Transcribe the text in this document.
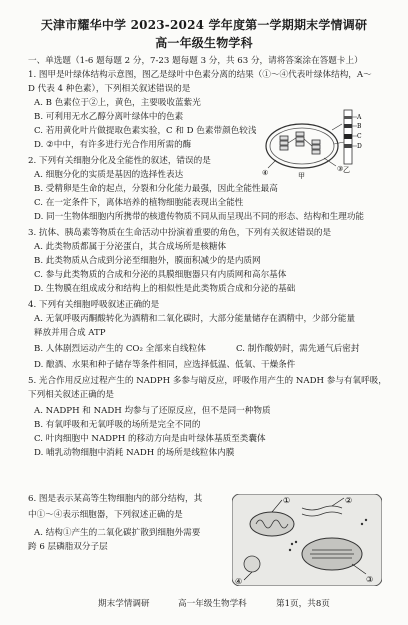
天津市耀华中学 2023-2024 学年度第一学期期末学情调研
高一年级生物学科
一、单选题（1-6 题每题 2 分，7-23 题每题 3 分，共 63 分，请将答案涂在答题卡上）
1. 图甲是叶绿体结构示意图，图乙是绿叶中色素分离的结果（①～④代表叶绿体结构，A～
D 代表 4 种色素），下列相关叙述错误的是
A. B 色素位于②上，黄色，主要吸收蓝紫光
B. 可利用无水乙醇分离叶绿体中的色素
C. 若用黄化叶片做提取色素实验，C 和 D 色素带颜色较浅
D. ②中中，有许多进行光合作用所需的酶
2. 下列有关细胞分化及全能性的叙述，错误的是
A. 细胞分化的实质是基因的选择性表达
B. 受精卵是生命的起点，分裂和分化能力最强，因此全能性最高
C. 在一定条件下，离体培养的植物细胞能表现出全能性
D. 同一生物体细胞内所携带的核遗传物质不同从而呈现出不同的形态、结构和生理功能
3. 抗体、胰岛素等物质在生命活动中扮演着重要的角色，下列有关叙述错误的是
A. 此类物质都属于分泌蛋白，其合成场所是核糖体
B. 此类物质从合成到分泌至细胞外，膜面积减少的是内质网
C. 参与此类物质的合成和分泌的具膜细胞器只有内质网和高尔基体
D. 生物膜在组成成分和结构上的相似性是此类物质合成和分泌的基础
4. 下列有关细胞呼吸叙述正确的是
A. 无氧呼吸丙酮酸转化为酒精和二氧化碳时，大部分能量储存在酒精中，少部分能量
释放并用合成 ATP
B. 人体剧烈运动产生的 CO₂ 全部来自线粒体	C. 制作酸奶时，需先通气后密封
D. 酿酒、水果和种子储存等条件相同，应选择低温、低氧、干燥条件
5. 光合作用反应过程产生的 NADPH 多参与暗反应，呼吸作用产生的 NADH 参与有氧呼吸，
下列相关叙述正确的是
A. NADPH 和 NADH 均参与了还原反应，但不是同一种物质
B. 有氧呼吸和无氧呼吸的场所是完全不同的
C. 叶肉细胞中 NADPH 的移动方向是由叶绿体基质至类囊体
D. 哺乳动物细胞中消耗 NADH 的场所是线粒体内膜
6. 图是表示某高等生物细胞内的部分结构，其
中①～④表示细胞器，下列叙述正确的是
A. 结构①产生的二氧化碳扩散到细胞外需要
跨 6 层磷脂双分子层
③
④	甲
A
B
C
D
乙
①	②
③
④
期末学情调研	高一年级生物学科	第1页，共8页
